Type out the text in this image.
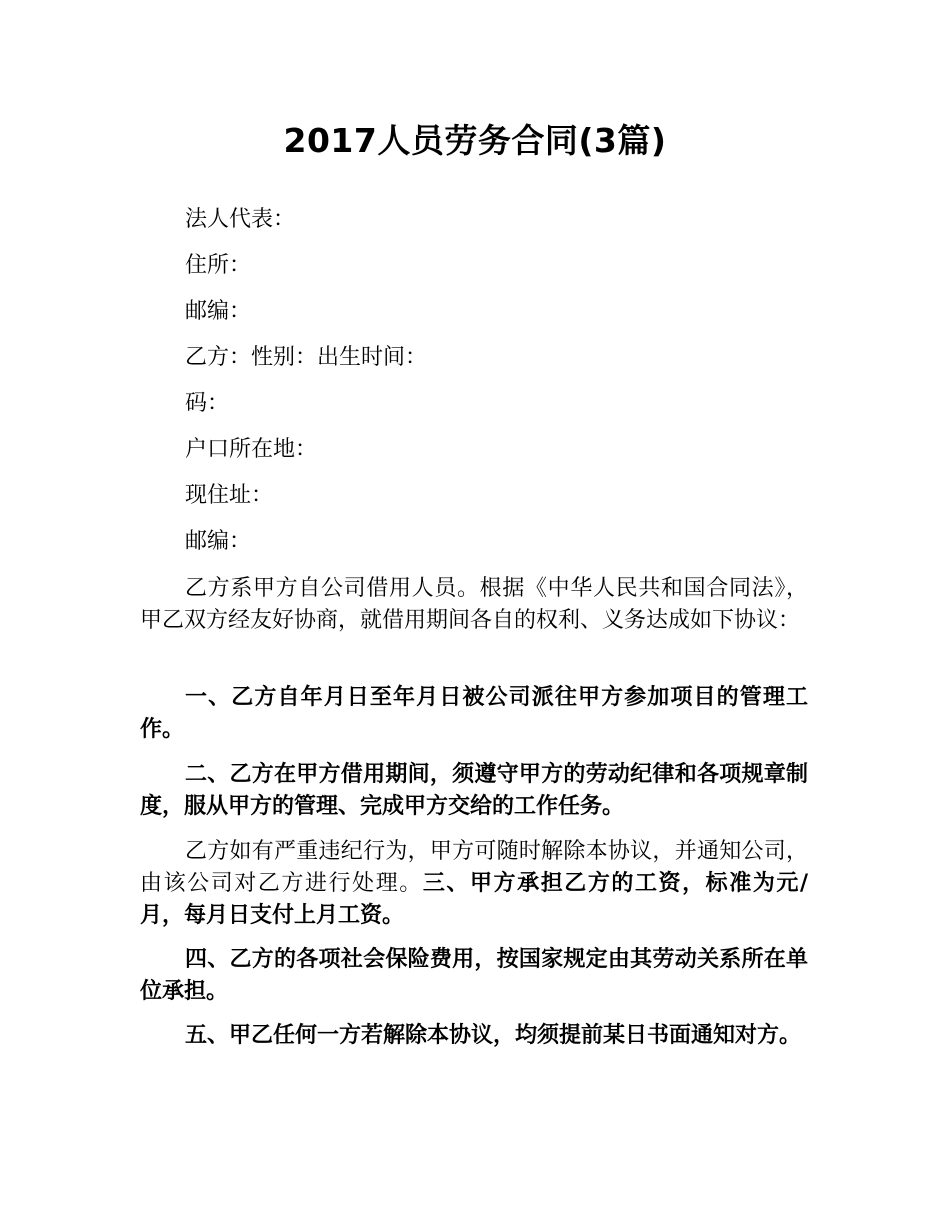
2017人员劳务合同(3篇)

法人代表：

住所：

邮编：

乙方：性别：出生时间：

码：

户口所在地：

现住址：

邮编：

乙方系甲方自公司借用人员。根据《中华人民共和国合同法》，甲乙双方经友好协商，就借用期间各自的权利、义务达成如下协议：

一、乙方自年月日至年月日被公司派往甲方参加项目的管理工作。

二、乙方在甲方借用期间，须遵守甲方的劳动纪律和各项规章制度，服从甲方的管理、完成甲方交给的工作任务。

乙方如有严重违纪行为，甲方可随时解除本协议，并通知公司，由该公司对乙方进行处理。三、甲方承担乙方的工资，标准为元/月，每月日支付上月工资。

四、乙方的各项社会保险费用，按国家规定由其劳动关系所在单位承担。

五、甲乙任何一方若解除本协议，均须提前某日书面通知对方。
